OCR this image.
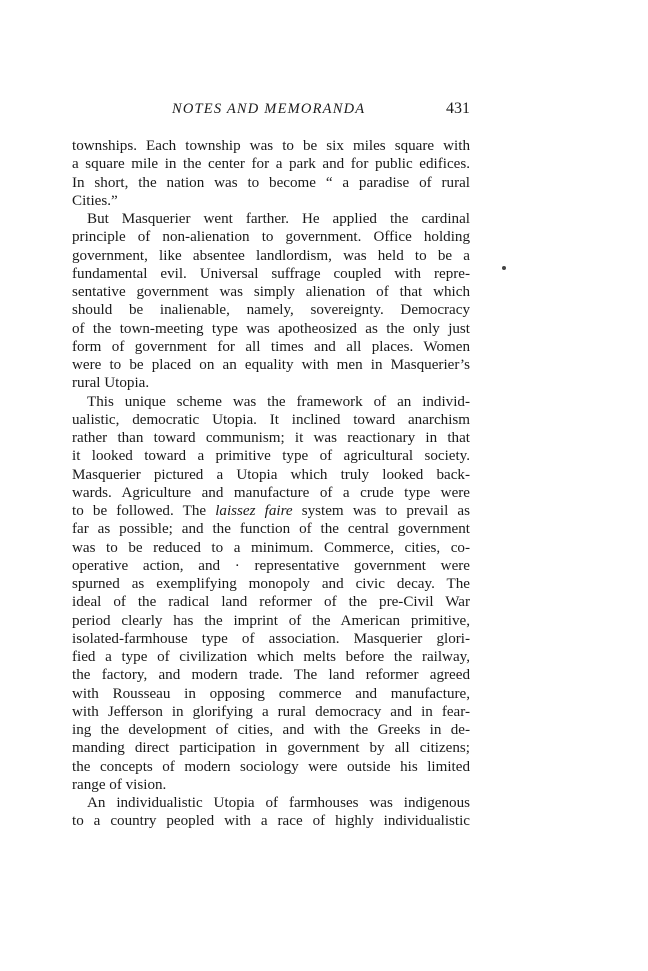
NOTES AND MEMORANDA	431
townships. Each township was to be six miles square with
a square mile in the center for a park and for public edifices.
In short, the nation was to become “ a paradise of rural
Cities.”
But Masquerier went farther. He applied the cardinal
principle of non-alienation to government. Office holding
government, like absentee landlordism, was held to be a
fundamental evil. Universal suffrage coupled with repre-
sentative government was simply alienation of that which
should be inalienable, namely, sovereignty. Democracy
of the town-meeting type was apotheosized as the only just
form of government for all times and all places. Women
were to be placed on an equality with men in Masquerier’s
rural Utopia.
This unique scheme was the framework of an individ-
ualistic, democratic Utopia. It inclined toward anarchism
rather than toward communism; it was reactionary in that
it looked toward a primitive type of agricultural society.
Masquerier pictured a Utopia which truly looked back-
wards. Agriculture and manufacture of a crude type were
to be followed. The laissez faire system was to prevail as
far as possible; and the function of the central government
was to be reduced to a minimum. Commerce, cities, co-
operative action, and · representative government were
spurned as exemplifying monopoly and civic decay. The
ideal of the radical land reformer of the pre-Civil War
period clearly has the imprint of the American primitive,
isolated-farmhouse type of association. Masquerier glori-
fied a type of civilization which melts before the railway,
the factory, and modern trade. The land reformer agreed
with Rousseau in opposing commerce and manufacture,
with Jefferson in glorifying a rural democracy and in fear-
ing the development of cities, and with the Greeks in de-
manding direct participation in government by all citizens;
the concepts of modern sociology were outside his limited
range of vision.
An individualistic Utopia of farmhouses was indigenous
to a country peopled with a race of highly individualistic
